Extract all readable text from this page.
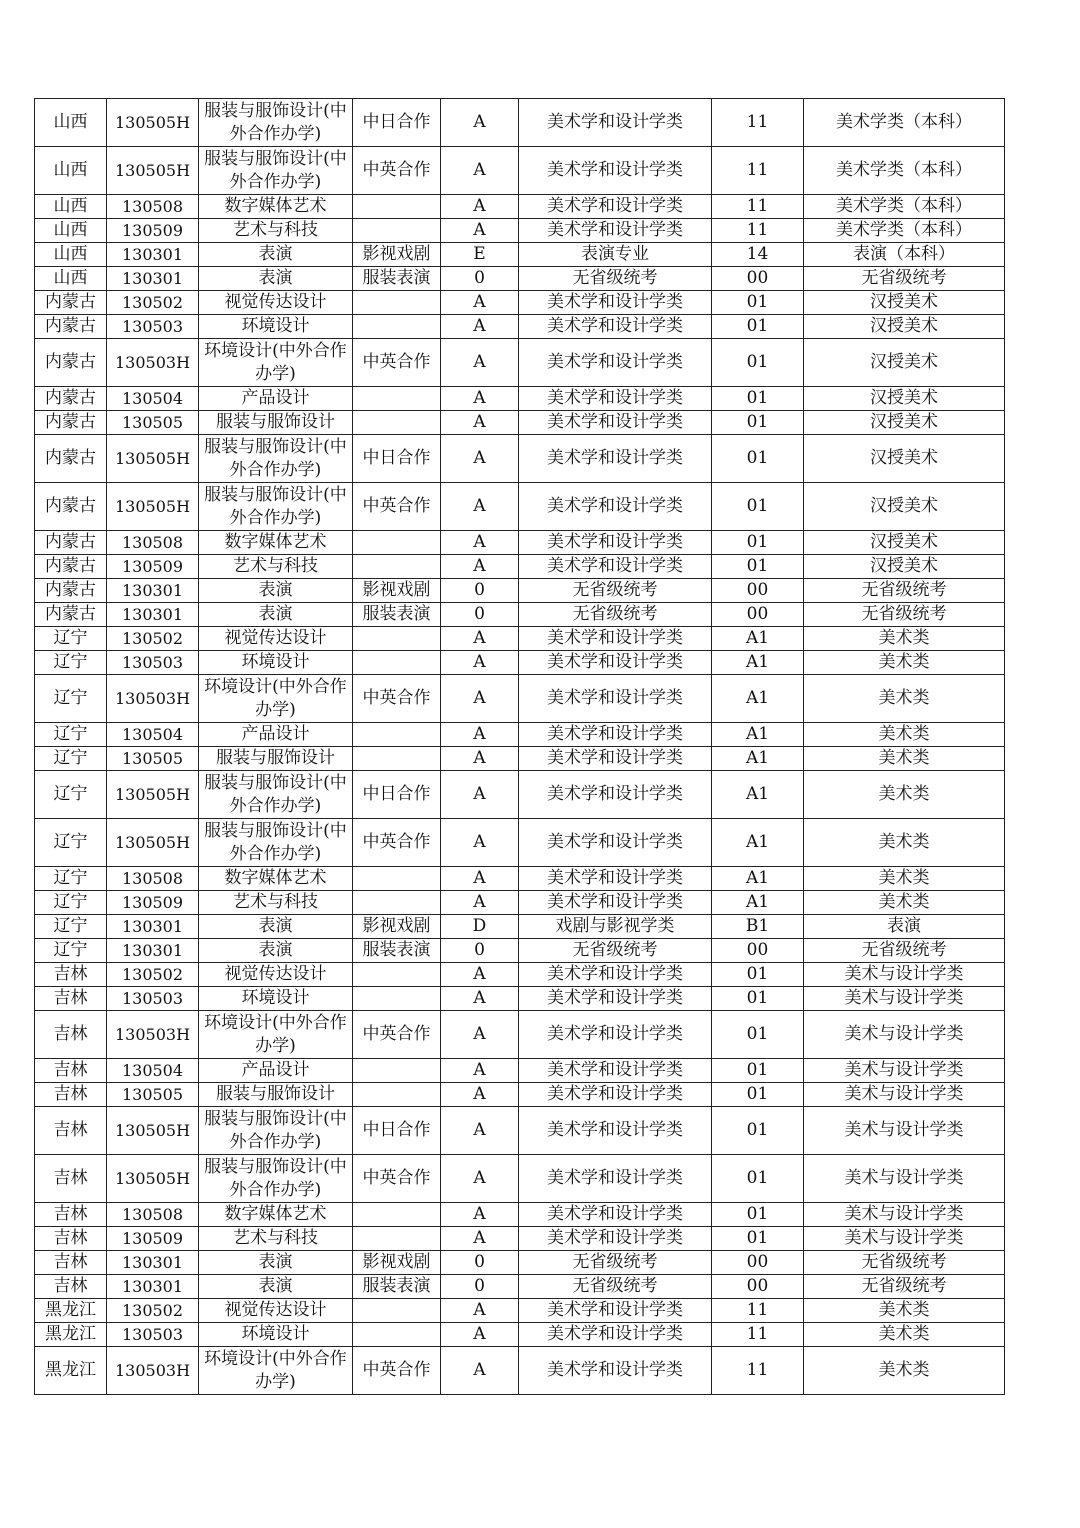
山西	130505H	服装与服饰设计(中外合作办学)	中日合作	A	美术学和设计学类	11	美术学类（本科）
山西	130505H	服装与服饰设计(中外合作办学)	中英合作	A	美术学和设计学类	11	美术学类（本科）
山西	130508	数字媒体艺术		A	美术学和设计学类	11	美术学类（本科）
山西	130509	艺术与科技		A	美术学和设计学类	11	美术学类（本科）
山西	130301	表演	影视戏剧	E	表演专业	14	表演（本科）
山西	130301	表演	服装表演	0	无省级统考	00	无省级统考
内蒙古	130502	视觉传达设计		A	美术学和设计学类	01	汉授美术
内蒙古	130503	环境设计		A	美术学和设计学类	01	汉授美术
内蒙古	130503H	环境设计(中外合作办学)	中英合作	A	美术学和设计学类	01	汉授美术
内蒙古	130504	产品设计		A	美术学和设计学类	01	汉授美术
内蒙古	130505	服装与服饰设计		A	美术学和设计学类	01	汉授美术
内蒙古	130505H	服装与服饰设计(中外合作办学)	中日合作	A	美术学和设计学类	01	汉授美术
内蒙古	130505H	服装与服饰设计(中外合作办学)	中英合作	A	美术学和设计学类	01	汉授美术
内蒙古	130508	数字媒体艺术		A	美术学和设计学类	01	汉授美术
内蒙古	130509	艺术与科技		A	美术学和设计学类	01	汉授美术
内蒙古	130301	表演	影视戏剧	0	无省级统考	00	无省级统考
内蒙古	130301	表演	服装表演	0	无省级统考	00	无省级统考
辽宁	130502	视觉传达设计		A	美术学和设计学类	A1	美术类
辽宁	130503	环境设计		A	美术学和设计学类	A1	美术类
辽宁	130503H	环境设计(中外合作办学)	中英合作	A	美术学和设计学类	A1	美术类
辽宁	130504	产品设计		A	美术学和设计学类	A1	美术类
辽宁	130505	服装与服饰设计		A	美术学和设计学类	A1	美术类
辽宁	130505H	服装与服饰设计(中外合作办学)	中日合作	A	美术学和设计学类	A1	美术类
辽宁	130505H	服装与服饰设计(中外合作办学)	中英合作	A	美术学和设计学类	A1	美术类
辽宁	130508	数字媒体艺术		A	美术学和设计学类	A1	美术类
辽宁	130509	艺术与科技		A	美术学和设计学类	A1	美术类
辽宁	130301	表演	影视戏剧	D	戏剧与影视学类	B1	表演
辽宁	130301	表演	服装表演	0	无省级统考	00	无省级统考
吉林	130502	视觉传达设计		A	美术学和设计学类	01	美术与设计学类
吉林	130503	环境设计		A	美术学和设计学类	01	美术与设计学类
吉林	130503H	环境设计(中外合作办学)	中英合作	A	美术学和设计学类	01	美术与设计学类
吉林	130504	产品设计		A	美术学和设计学类	01	美术与设计学类
吉林	130505	服装与服饰设计		A	美术学和设计学类	01	美术与设计学类
吉林	130505H	服装与服饰设计(中外合作办学)	中日合作	A	美术学和设计学类	01	美术与设计学类
吉林	130505H	服装与服饰设计(中外合作办学)	中英合作	A	美术学和设计学类	01	美术与设计学类
吉林	130508	数字媒体艺术		A	美术学和设计学类	01	美术与设计学类
吉林	130509	艺术与科技		A	美术学和设计学类	01	美术与设计学类
吉林	130301	表演	影视戏剧	0	无省级统考	00	无省级统考
吉林	130301	表演	服装表演	0	无省级统考	00	无省级统考
黑龙江	130502	视觉传达设计		A	美术学和设计学类	11	美术类
黑龙江	130503	环境设计		A	美术学和设计学类	11	美术类
黑龙江	130503H	环境设计(中外合作办学)	中英合作	A	美术学和设计学类	11	美术类
